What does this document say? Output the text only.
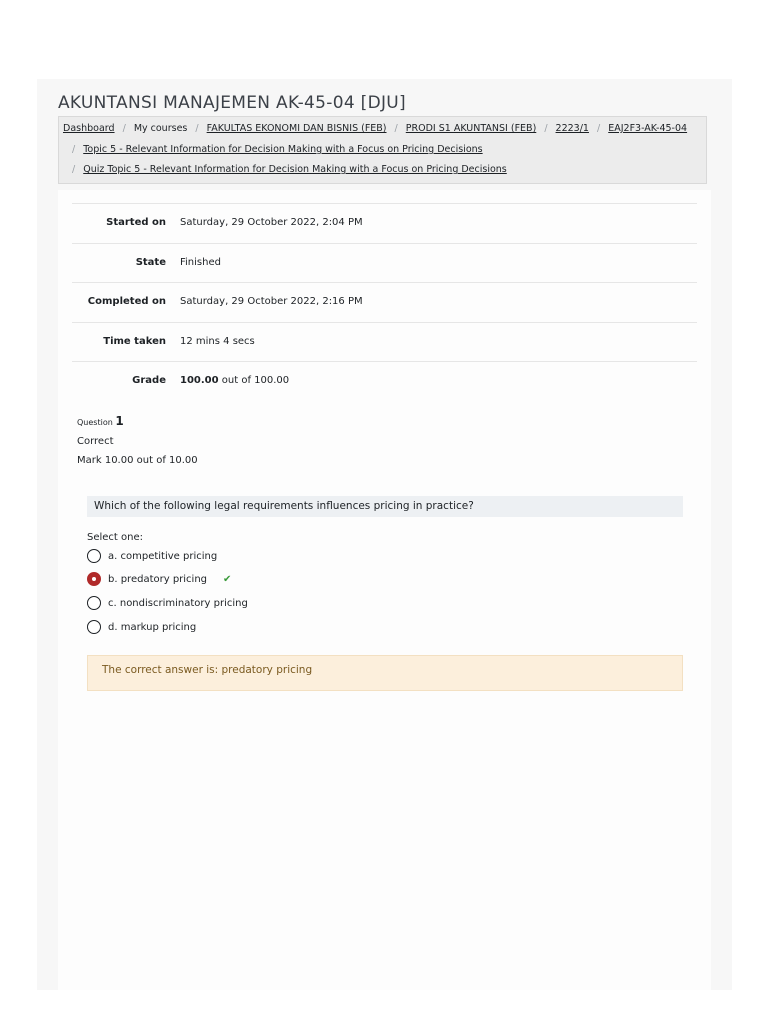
AKUNTANSI MANAJEMEN AK-45-04 [DJU]
Dashboard / My courses / FAKULTAS EKONOMI DAN BISNIS (FEB) / PRODI S1 AKUNTANSI (FEB) / 2223/1 / EAJ2F3-AK-45-04
/ Topic 5 - Relevant Information for Decision Making with a Focus on Pricing Decisions
/ Quiz Topic 5 - Relevant Information for Decision Making with a Focus on Pricing Decisions
Started on Saturday, 29 October 2022, 2:04 PM
State Finished
Completed on Saturday, 29 October 2022, 2:16 PM
Time taken 12 mins 4 secs
Grade 100.00 out of 100.00
Question 1
Correct
Mark 10.00 out of 10.00
Which of the following legal requirements influences pricing in practice?
Select one:
a. competitive pricing
b. predatory pricing ✔
c. nondiscriminatory pricing
d. markup pricing
The correct answer is: predatory pricing
